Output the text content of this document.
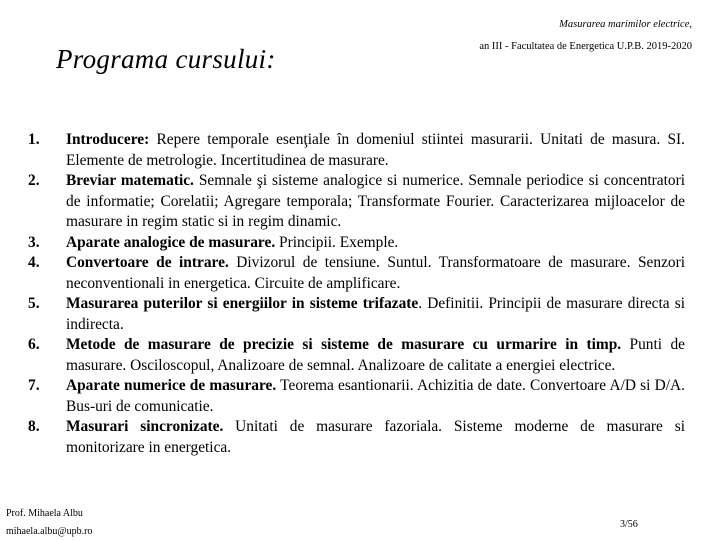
Masurarea marimilor electrice,
an III - Facultatea de Energetica U.P.B. 2019-2020
Programa cursului:
1.	Introducere: Repere temporale esenţiale în domeniul stiintei masurarii. Unitati de masura. SI. Elemente de metrologie. Incertitudinea de masurare.
2.	Breviar matematic. Semnale şi sisteme analogice si numerice. Semnale periodice si concentratori de informatie; Corelatii; Agregare temporala; Transformate Fourier. Caracterizarea mijloacelor de masurare in regim static si in regim dinamic.
3.	Aparate analogice de masurare. Principii. Exemple.
4.	Convertoare de intrare. Divizorul de tensiune. Suntul. Transformatoare de masurare. Senzori neconventionali in energetica. Circuite de amplificare.
5.	Masurarea puterilor si energiilor in sisteme trifazate. Definitii. Principii de masurare directa si indirecta.
6.	Metode de masurare de precizie si sisteme de masurare cu urmarire in timp. Punti de masurare. Osciloscopul, Analizoare de semnal. Analizoare de calitate a energiei electrice.
7.	Aparate numerice de masurare. Teorema esantionarii. Achizitia de date. Convertoare A/D si D/A. Bus-uri de comunicatie.
8.	Masurari sincronizate. Unitati de masurare fazoriala. Sisteme moderne de masurare si monitorizare in energetica.
Prof. Mihaela Albu
mihaela.albu@upb.ro
3/56
